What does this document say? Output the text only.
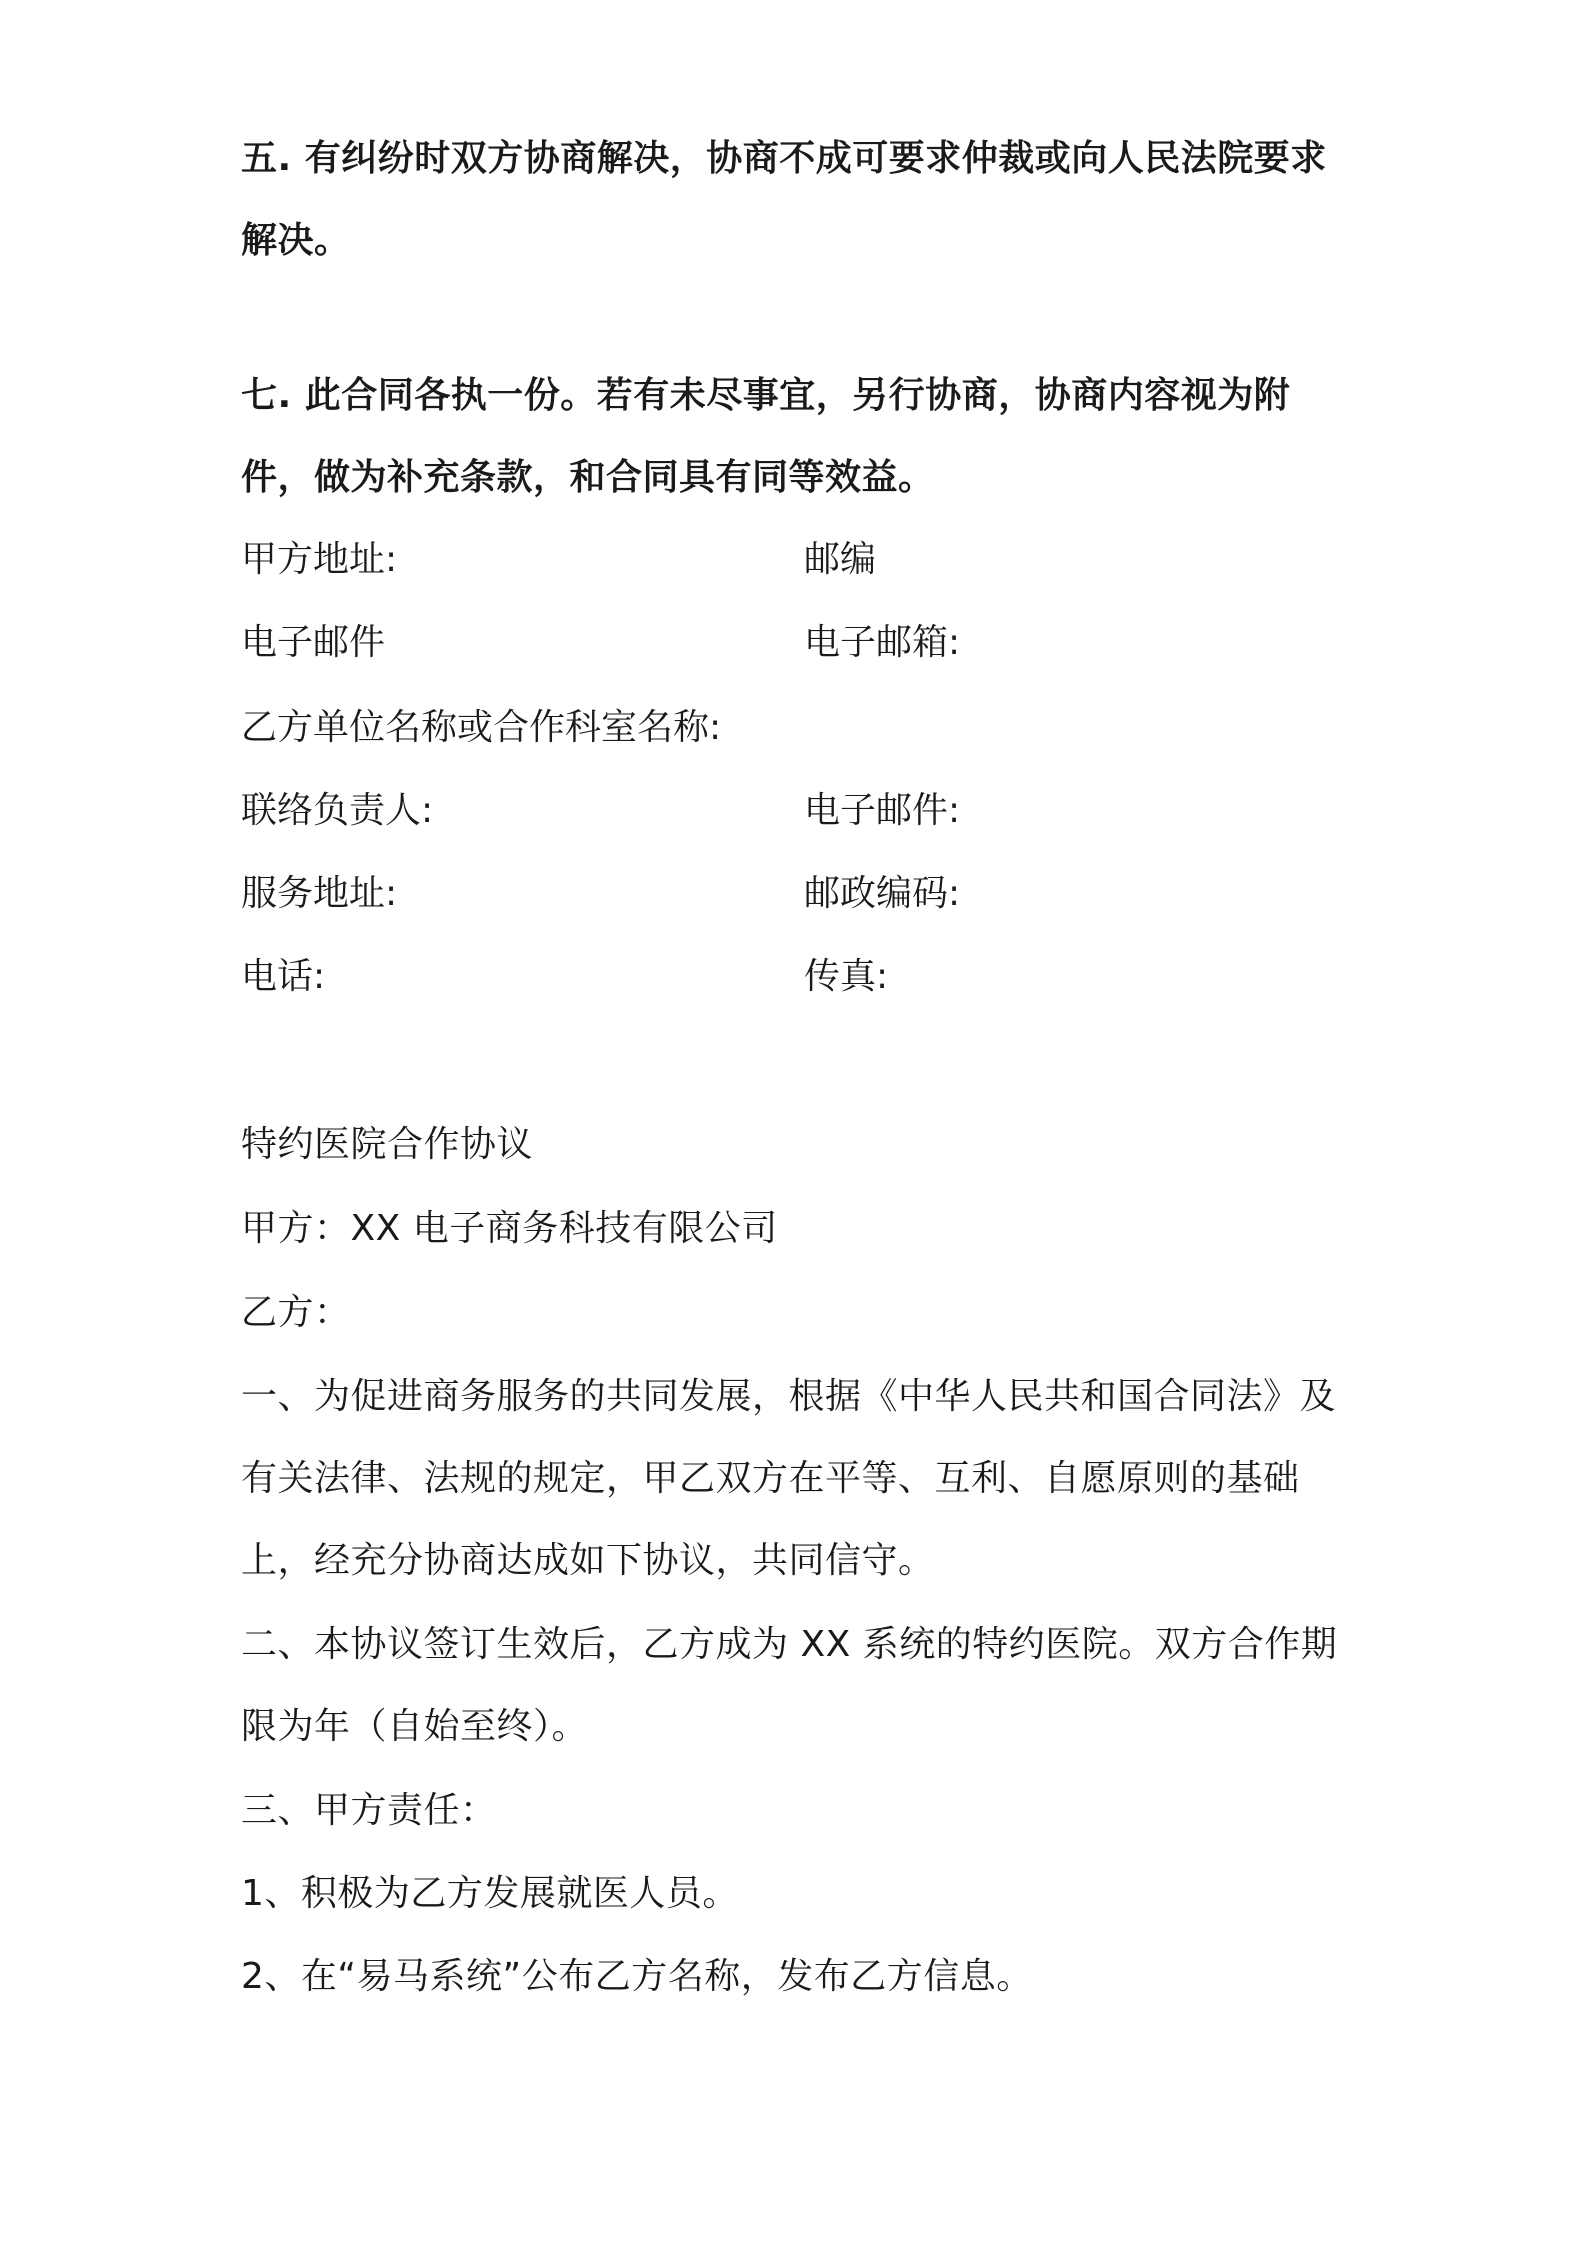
五. 有纠纷时双方协商解决，协商不成可要求仲裁或向人民法院要求解决。
七. 此合同各执一份。若有未尽事宜，另行协商，协商内容视为附件，做为补充条款，和合同具有同等效益。
甲方地址:	邮编
电子邮件	电子邮箱:
乙方单位名称或合作科室名称:
联络负责人:	电子邮件:
服务地址:	邮政编码:
电话:	传真:
特约医院合作协议
甲方：XX 电子商务科技有限公司
乙方：
一、为促进商务服务的共同发展，根据《中华人民共和国合同法》及有关法律、法规的规定，甲乙双方在平等、互利、自愿原则的基础上，经充分协商达成如下协议，共同信守。
二、本协议签订生效后，乙方成为 XX 系统的特约医院。双方合作期限为年（自始至终）。
三、甲方责任：
1、积极为乙方发展就医人员。
2、在“易马系统”公布乙方名称，发布乙方信息。
